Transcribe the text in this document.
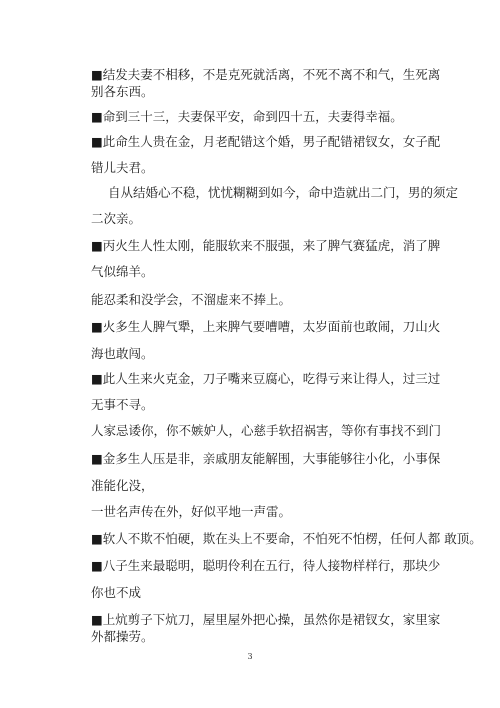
■结发夫妻不相移，不是克死就活离，不死不离不和气，生死离
别各东西。
■命到三十三，夫妻保平安，命到四十五，夫妻得幸福。
■此命生人贵在金，月老配错这个婚，男子配错裙钗女，女子配
错儿夫君。
自从结婚心不稳，忧忧糊糊到如今，命中造就出二门，男的须定
二次亲。
■丙火生人性太刚，能服软来不服强，来了脾气赛猛虎，消了脾
气似绵羊。
能忍柔和没学会，不溜虚来不捧上。
■火多生人脾气犟，上来脾气要嘈嘈，太岁面前也敢闹，刀山火
海也敢闯。
■此人生来火克金，刀子嘴来豆腐心，吃得亏来让得人，过三过
无事不寻。
人家忌诿你，你不嫉妒人，心慈手软招祸害，等你有事找不到门
■金多生人压是非，亲戚朋友能解围，大事能够往小化，小事保
准能化没，
一世名声传在外，好似平地一声雷。
■软人不欺不怕硬，欺在头上不要命，不怕死不怕楞，任何人都 敢顶。
■八子生来最聪明，聪明伶利在五行，待人接物样样行，那块少
你也不成
■上炕剪子下炕刀，屋里屋外把心操，虽然你是裙钗女，家里家
外都操劳。
3
